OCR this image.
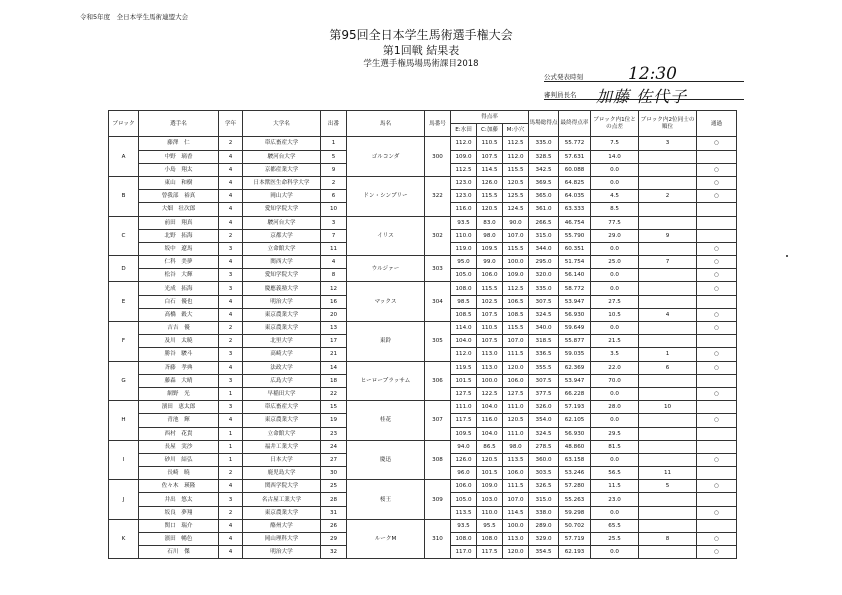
令和5年度　全日本学生馬術連盟大会
第95回全日本学生馬術選手権大会
第1回戦 結果表
学生選手権馬場馬術課目2018
公式発表時刻	12:30
審判員長名 加藤 佐代子
ブロック	選手名	学年	大学名	出番	馬名	馬番号	得点率			馬場総得点	最終得点率	ブロック内1位との点差	ブロック内2位同士の順位	通過
							E:水田	C:加藤	M:小穴					
A	藤澤　仁	2	帯広畜産大学	1	ゴルコンダ	300	112.0	110.5	112.5	335.0	55.772	7.5	3	○
	中野　璃香	4	駿河台大学	5			109.0	107.5	112.0	328.5	57.631	14.0		
	小島　翔太	4	京都産業大学	9			112.5	114.5	115.5	342.5	60.088	0.0		○
B	東山　和樹	4	日本獣医生命科学大学	2	ドン・シンプリー	322	123.0	126.0	120.5	369.5	64.825	0.0		○
	曾我部　裕真	4	岡山大学	6			123.0	115.5	125.5	365.0	64.035	4.5	2	○
	大畑　壮次郎	4	愛知学院大学	10			116.0	120.5	124.5	361.0	63.333	8.5		
C	前田　翔真	4	駿河台大学	3	イリス	302	93.5	83.0	90.0	266.5	46.754	77.5		
	北野　拓海	2	京都大学	7			110.0	98.0	107.0	315.0	55.790	29.0	9	
	坂中　遼馬	3	立命館大学	11			119.0	109.5	115.5	344.0	60.351	0.0		○
D	仁科　美夢	4	関西大学	4	ウルジァー	303	95.0	99.0	100.0	295.0	51.754	25.0	7	○
	松谷　大輝	3	愛知学院大学	8			105.0	106.0	109.0	320.0	56.140	0.0		○
E	光成　拓海	3	慶應義塾大学	12	マックス	304	108.0	115.5	112.5	335.0	58.772	0.0		○
	白石　優也	4	明治大学	16			98.5	102.5	106.5	307.5	53.947	27.5		
	高橋　穀大	4	東京農業大学	20			108.5	107.5	108.5	324.5	56.930	10.5	4	○
F	吉吉　優	2	東京農業大学	13	東鈴	305	114.0	110.5	115.5	340.0	59.649	0.0		○
	及川　太暁	2	北里大学	17			104.0	107.5	107.0	318.5	55.877	21.5		
	勝谷　駿斗	3	高崎大学	21			112.0	113.0	111.5	336.5	59.035	3.5	1	○
G	斉藤　孝典	4	法政大学	14	ヒーロープラッサム	306	119.5	113.0	120.0	355.5	62.369	22.0	6	○
	藤森　大晴	3	広島大学	18			101.5	100.0	106.0	307.5	53.947	70.0		
	網野　光	1	早稲田大学	22			127.5	122.5	127.5	377.5	66.228	0.0		○
H	濱田　恵太郎	3	帯広畜産大学	15	桂花	307	111.0	104.0	111.0	326.0	57.193	28.0	10	
	青池　輝	4	東京農業大学	19			117.5	116.0	120.5	354.0	62.105	0.0		○
	西村　花貴	1	立命館大学	23			109.5	104.0	111.0	324.5	56.930	29.5		
I	長屋　実沙	1	福井工業大学	24	慶迅	308	94.0	86.5	98.0	278.5	48.860	81.5		
	砂川　結弘	1	日本大学	27			126.0	120.5	113.5	360.0	63.158	0.0		○
	長崎　暁	2	鹿児島大学	30			96.0	101.5	106.0	303.5	53.246	56.5	11	
J	佐々木　瑛隆	4	関西学院大学	25	桜王	309	106.0	109.0	111.5	326.5	57.280	11.5	5	○
	井出　悠太	3	名古屋工業大学	28			105.0	103.0	107.0	315.0	55.263	23.0		
	坂良　夢翔	2	東京農業大学	31			113.5	110.0	114.5	338.0	59.298	0.0		○
K	関口　瑞介	4	酪州大学	26	ルークM	310	93.5	95.5	100.0	289.0	50.702	65.5		
	濱田　暢色	4	岡山理科大学	29			108.0	108.0	113.0	329.0	57.719	25.5	8	○
	石川　傑	4	明治大学	32			117.0	117.5	120.0	354.5	62.193	0.0		○
